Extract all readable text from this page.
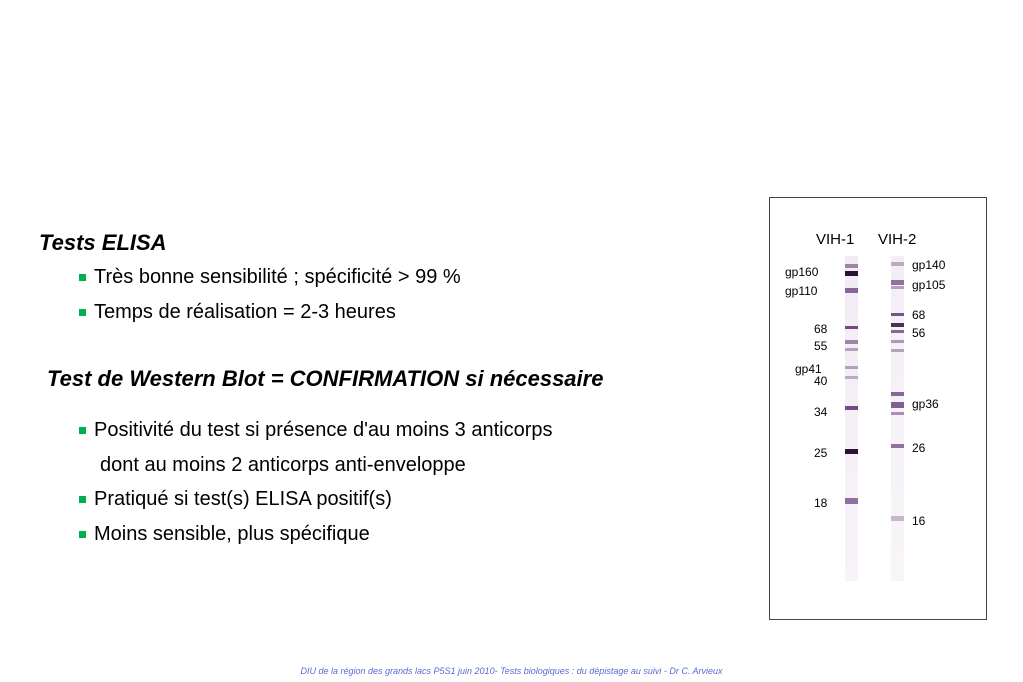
Tests ELISA
Très bonne sensibilité ; spécificité > 99 %
Temps de réalisation = 2-3 heures
Test de Western Blot = CONFIRMATION si nécessaire
Positivité du test si présence d'au moins 3 anticorps
dont au moins 2 anticorps anti-enveloppe
Pratiqué si test(s) ELISA positif(s)
Moins sensible, plus spécifique
VIH-1 VIH-2
gp160
gp110
68
55
gp41
40
34
25
18
gp140
gp105
68
56
gp36
26
16
DIU de la région des grands lacs P5S1 juin 2010- Tests biologiques : du dépistage au suivi - Dr C. Arvieux
